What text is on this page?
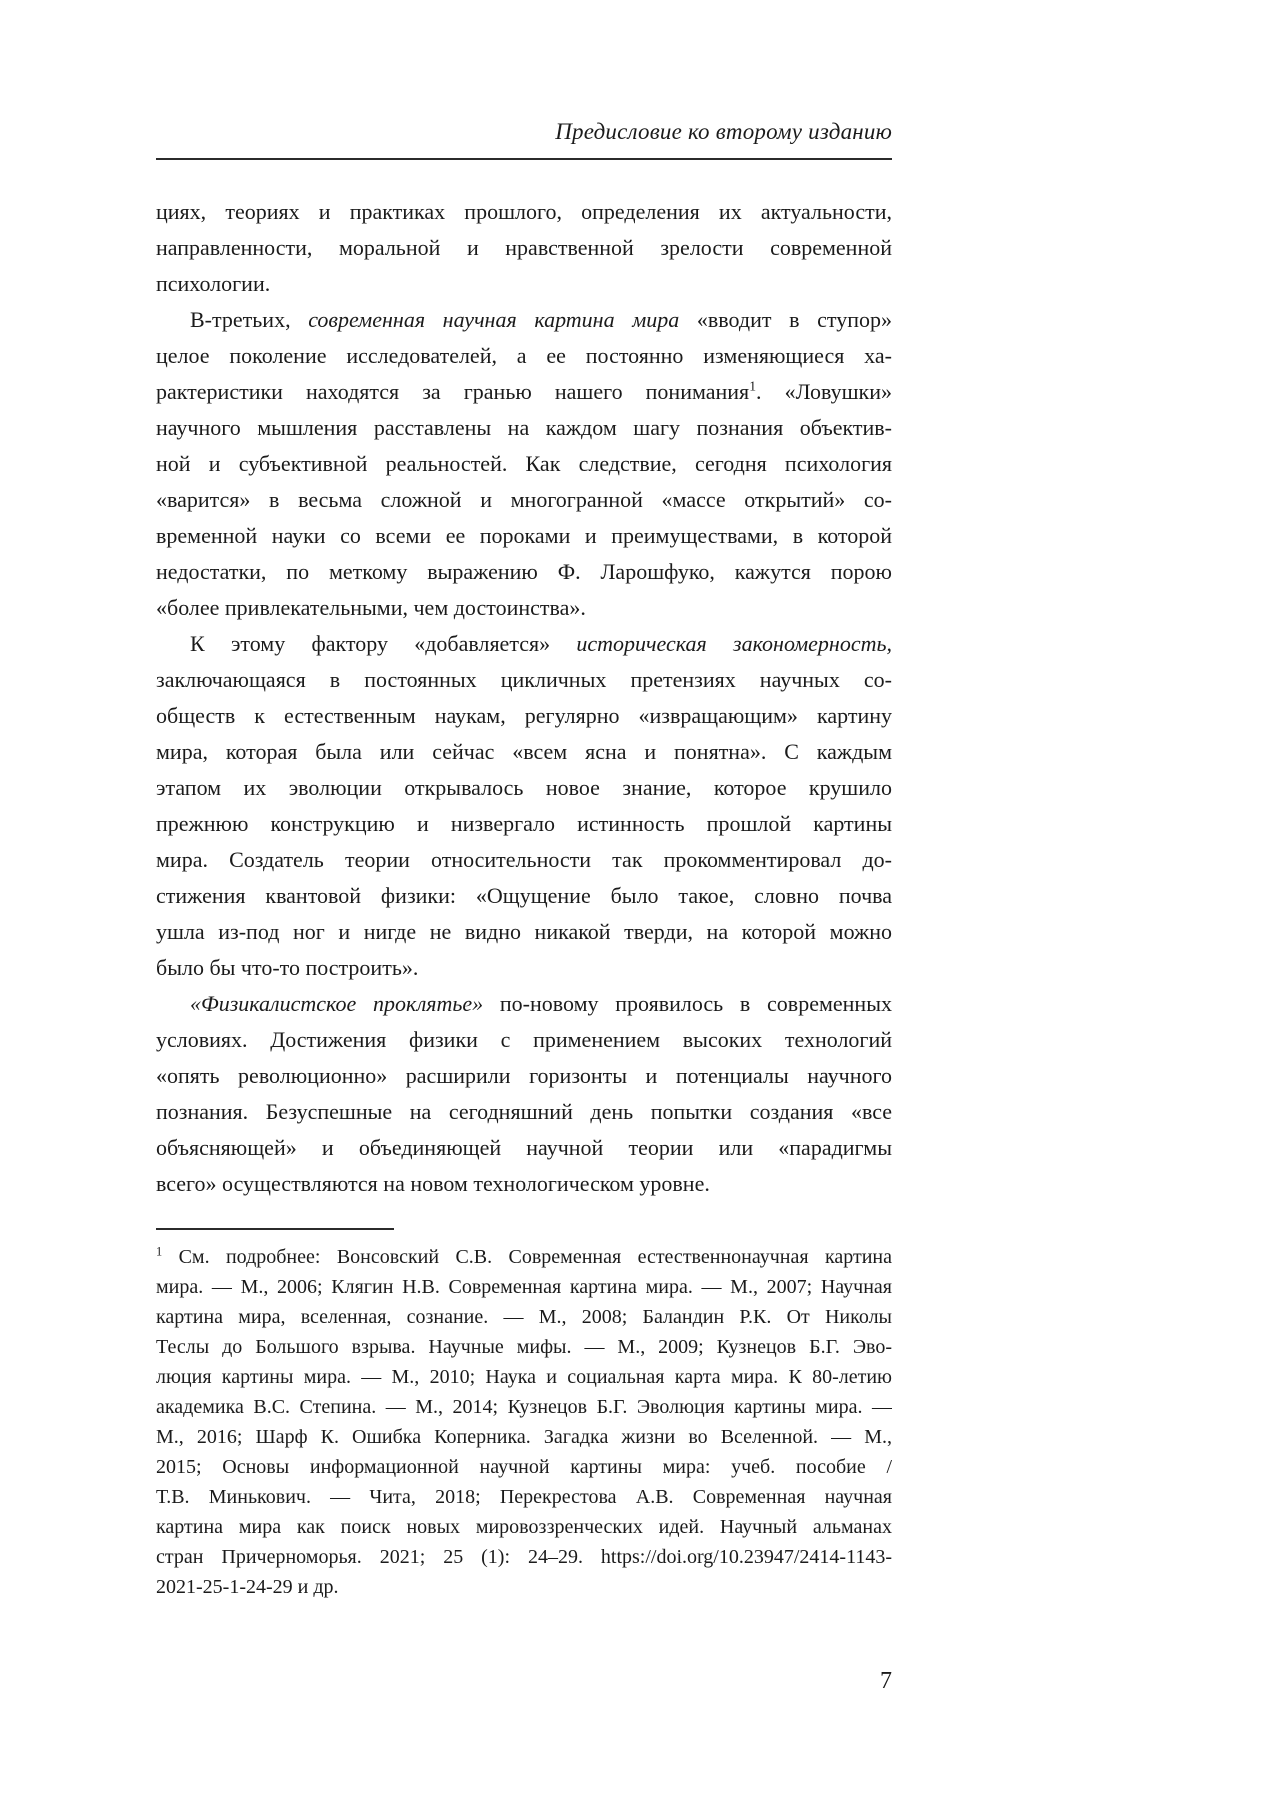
Предисловие ко второму изданию
циях, теориях и практиках прошлого, определения их актуальности,
направленности, моральной и нравственной зрелости современной
психологии.
В-третьих, современная научная картина мира «вводит в ступор»
целое поколение исследователей, а ее постоянно изменяющиеся ха-
рактеристики находятся за гранью нашего понимания$^1$. «Ловушки»
научного мышления расставлены на каждом шагу познания объектив-
ной и субъективной реальностей. Как следствие, сегодня психология
«варится» в весьма сложной и многогранной «массе открытий» со-
временной науки со всеми ее пороками и преимуществами, в которой
недостатки, по меткому выражению Ф. Ларошфуко, кажутся порою
«более привлекательными, чем достоинства».
К этому фактору «добавляется» историческая закономерность,
заключающаяся в постоянных цикличных претензиях научных со-
обществ к естественным наукам, регулярно «извращающим» картину
мира, которая была или сейчас «всем ясна и понятна». С каждым
этапом их эволюции открывалось новое знание, которое крушило
прежнюю конструкцию и низвергало истинность прошлой картины
мира. Создатель теории относительности так прокомментировал до-
стижения квантовой физики: «Ощущение было такое, словно почва
ушла из-под ног и нигде не видно никакой тверди, на которой можно
было бы что-то построить».
«Физикалистское проклятье» по-новому проявилось в современных
условиях. Достижения физики с применением высоких технологий
«опять революционно» расширили горизонты и потенциалы научного
познания. Безуспешные на сегодняшний день попытки создания «все
объясняющей» и объединяющей научной теории или «парадигмы
всего» осуществляются на новом технологическом уровне.
$^1$ См. подробнее: Вонсовский С.В. Современная естественнонаучная картина
мира. — М., 2006; Клягин Н.В. Современная картина мира. — М., 2007; Научная
картина мира, вселенная, сознание. — М., 2008; Баландин Р.К. От Николы
Теслы до Большого взрыва. Научные мифы. — М., 2009; Кузнецов Б.Г. Эво-
люция картины мира. — М., 2010; Наука и социальная карта мира. К 80-летию
академика В.С. Степина. — М., 2014; Кузнецов Б.Г. Эволюция картины мира. —
М., 2016; Шарф К. Ошибка Коперника. Загадка жизни во Вселенной. — М.,
2015; Основы информационной научной картины мира: учеб. пособие /
Т.В. Минькович. — Чита, 2018; Перекрестова А.В. Современная научная
картина мира как поиск новых мировоззренческих идей. Научный альманах
стран Причерноморья. 2021; 25 (1): 24–29. https://doi.org/10.23947/2414-1143-
2021-25-1-24-29 и др.
7
